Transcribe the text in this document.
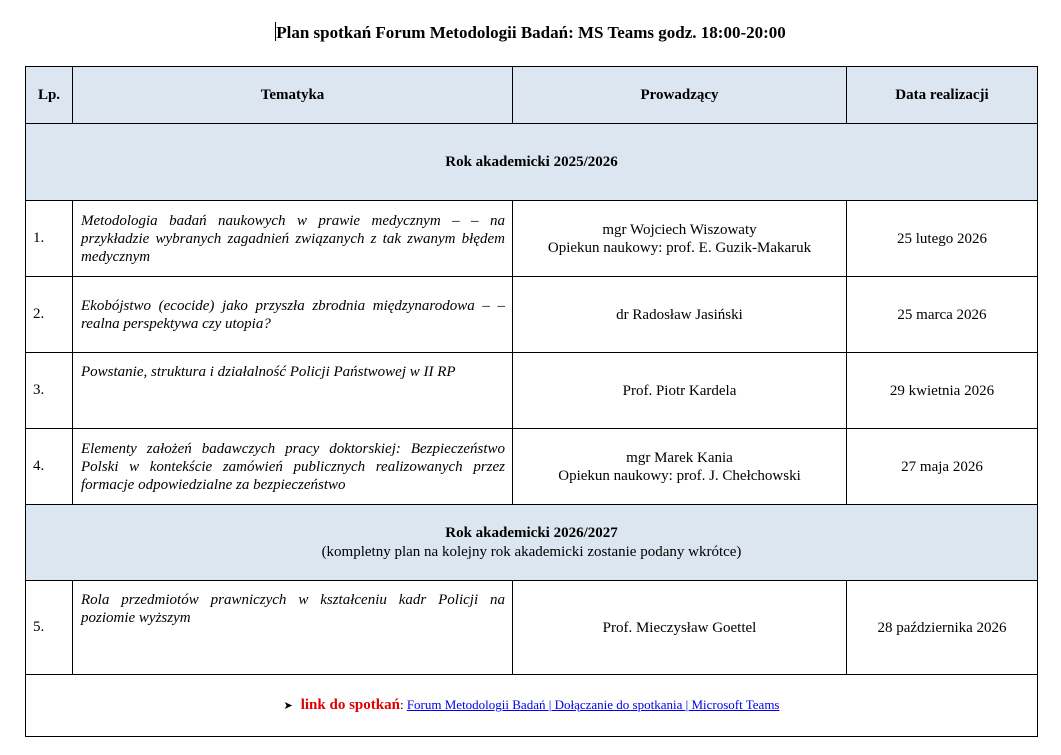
Plan spotkań Forum Metodologii Badań: MS Teams godz. 18:00-20:00
Lp.	Tematyka	Prowadzący	Data realizacji
Rok akademicki 2025/2026			
1.	Metodologia badań naukowych w prawie medycznym – – na przykładzie wybranych zagadnień związanych z tak zwanym błędem medycznym	mgr Wojciech Wiszowaty
Opiekun naukowy: prof. E. Guzik-Makaruk	25 lutego 2026
2.	Ekobójstwo (ecocide) jako przyszła zbrodnia międzynarodowa – – realna perspektywa czy utopia?	dr Radosław Jasiński	25 marca 2026
3.	Powstanie, struktura i działalność Policji Państwowej w II RP	Prof. Piotr Kardela	29 kwietnia 2026
4.	Elementy założeń badawczych pracy doktorskiej: Bezpieczeństwo Polski w kontekście zamówień publicznych realizowanych przez formacje odpowiedzialne za bezpieczeństwo	mgr Marek Kania
Opiekun naukowy: prof. J. Chełchowski	27 maja 2026

Rok akademicki 2026/2027
(kompletny plan na kolejny rok akademicki zostanie podany wkrótce)			

5.	Rola przedmiotów prawniczych w kształceniu kadr Policji na poziomie wyższym	Prof. Mieczysław Goettel	28 października 2026
➤ link do spotkań: Forum Metodologii Badań | Dołączanie do spotkania | Microsoft Teams			
